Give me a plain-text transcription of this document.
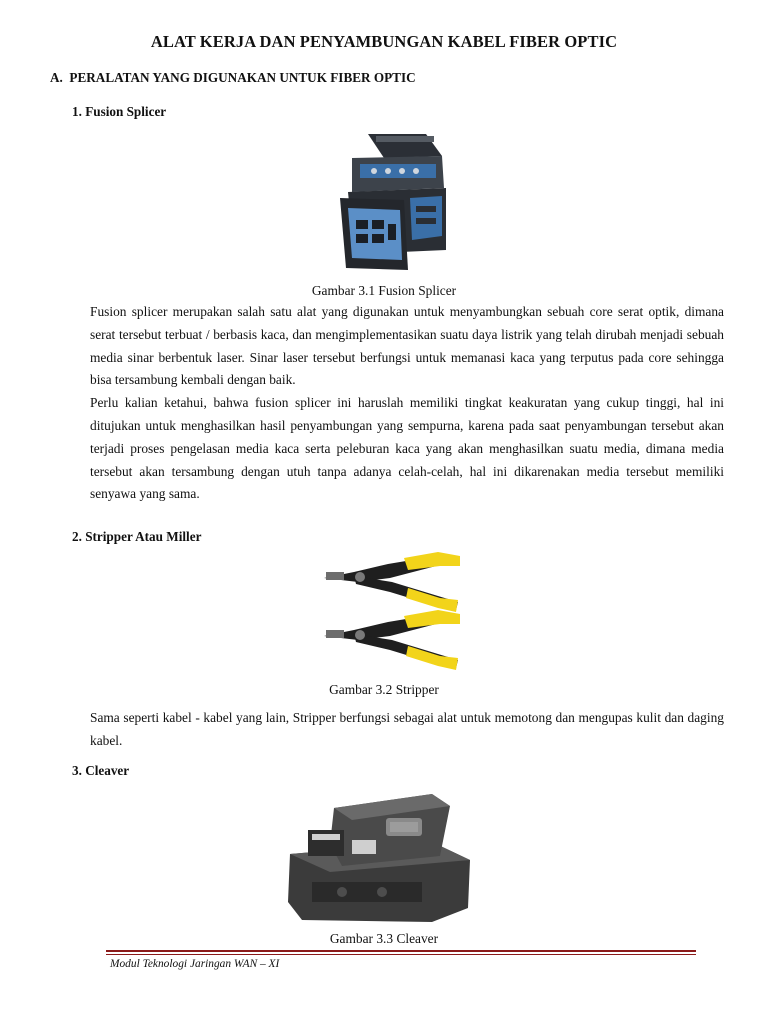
ALAT KERJA DAN PENYAMBUNGAN KABEL FIBER OPTIC
A. PERALATAN YANG DIGUNAKAN UNTUK FIBER OPTIC
1. Fusion Splicer
Gambar 3.1 Fusion Splicer

Fusion splicer merupakan salah satu alat yang digunakan untuk menyambungkan sebuah core serat optik, dimana serat tersebut terbuat / berbasis kaca, dan mengimplementasikan suatu daya listrik yang telah dirubah menjadi sebuah media sinar berbentuk laser. Sinar laser tersebut berfungsi untuk memanasi kaca yang terputus pada core sehingga bisa tersambung kembali dengan baik.

Perlu kalian ketahui, bahwa fusion splicer ini haruslah memiliki tingkat keakuratan yang cukup tinggi, hal ini ditujukan untuk menghasilkan hasil penyambungan yang sempurna, karena pada saat penyambungan tersebut akan terjadi proses pengelasan media kaca serta peleburan kaca yang akan menghasilkan suatu media, dimana media tersebut akan tersambung dengan utuh tanpa adanya celah-celah, hal ini dikarenakan media tersebut memiliki senyawa yang sama.

2. Stripper Atau Miller
Gambar 3.2 Stripper

Sama seperti kabel - kabel yang lain, Stripper berfungsi sebagai alat untuk memotong dan mengupas kulit dan daging kabel.

3. Cleaver
Gambar 3.3 Cleaver
Modul Teknologi Jaringan WAN – XI
